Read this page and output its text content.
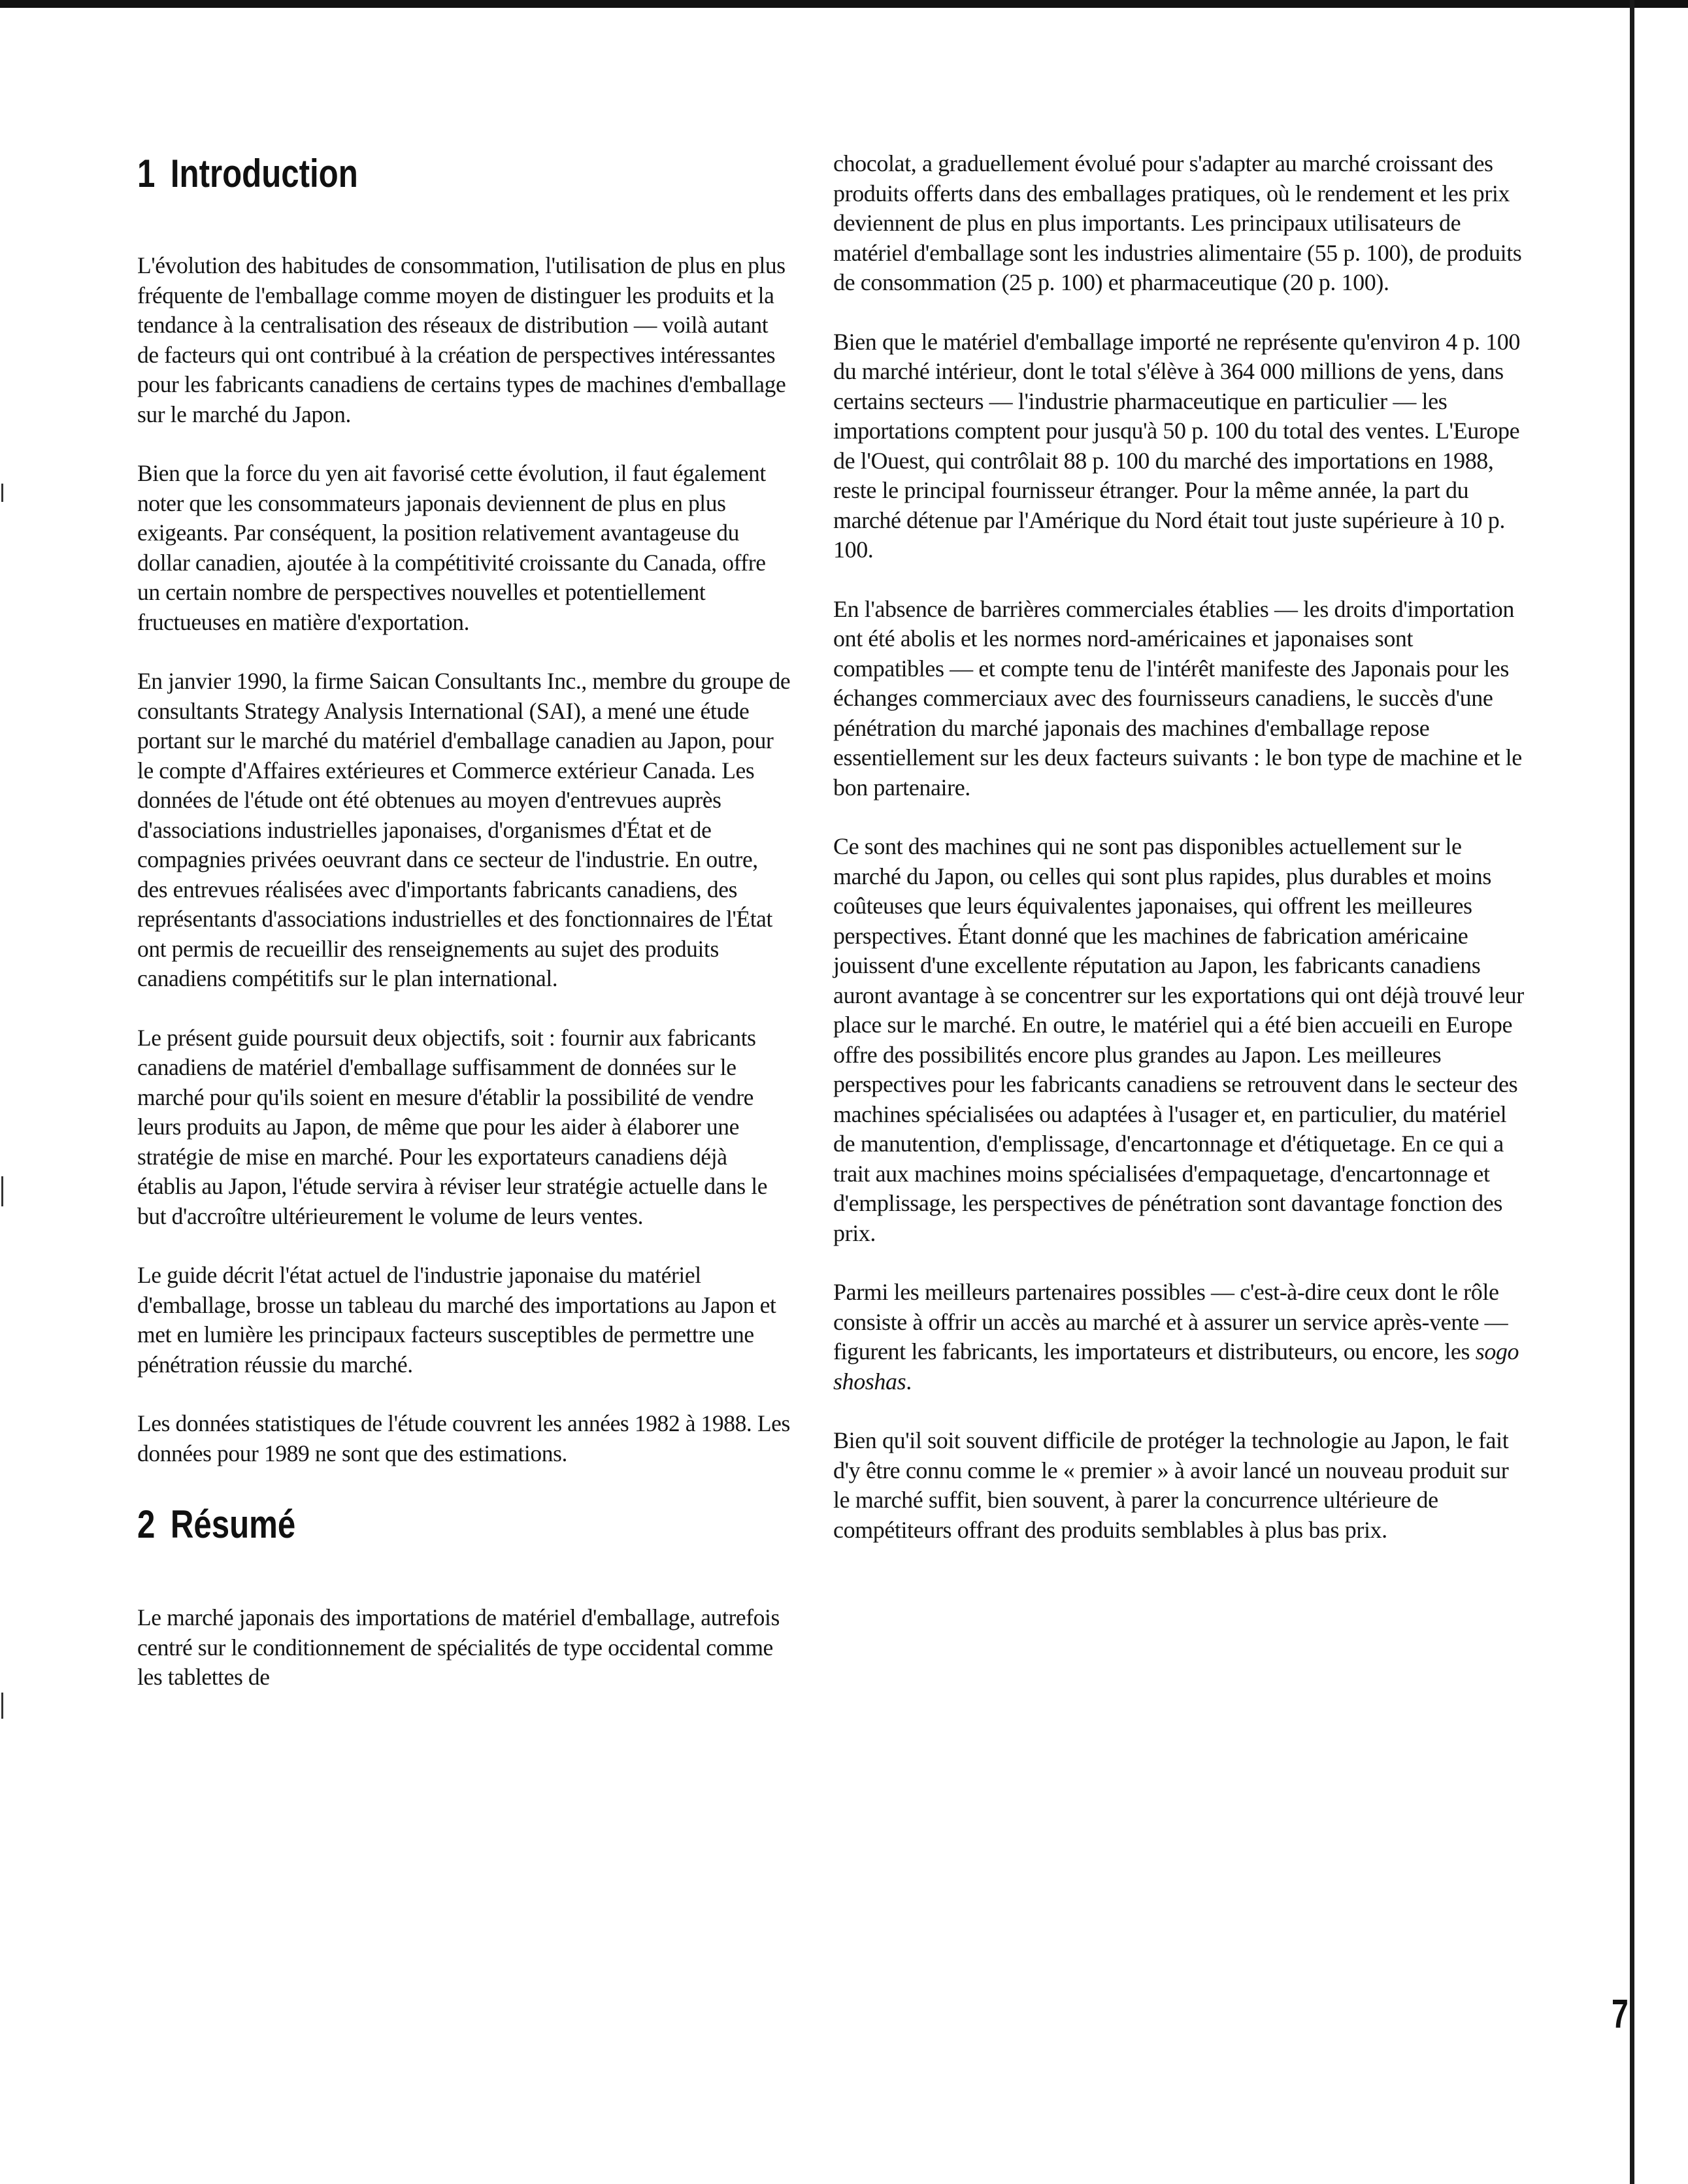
1 Introduction

L'évolution des habitudes de consommation, l'utilisation de plus en plus fréquente de l'emballage comme moyen de distinguer les produits et la tendance à la centralisation des réseaux de distribution — voilà autant de facteurs qui ont contribué à la création de perspectives intéressantes pour les fabricants canadiens de certains types de machines d'emballage sur le marché du Japon.

Bien que la force du yen ait favorisé cette évolution, il faut également noter que les consommateurs japonais deviennent de plus en plus exigeants. Par conséquent, la position relativement avantageuse du dollar canadien, ajoutée à la compétitivité croissante du Canada, offre un certain nombre de perspectives nouvelles et potentiellement fructueuses en matière d'exportation.

En janvier 1990, la firme Saican Consultants Inc., membre du groupe de consultants Strategy Analysis International (SAI), a mené une étude portant sur le marché du matériel d'emballage canadien au Japon, pour le compte d'Affaires extérieures et Commerce extérieur Canada. Les données de l'étude ont été obtenues au moyen d'entrevues auprès d'associations industrielles japonaises, d'organismes d'État et de compagnies privées oeuvrant dans ce secteur de l'industrie. En outre, des entrevues réalisées avec d'importants fabricants canadiens, des représentants d'associations industrielles et des fonctionnaires de l'État ont permis de recueillir des renseignements au sujet des produits canadiens compétitifs sur le plan international.

Le présent guide poursuit deux objectifs, soit : fournir aux fabricants canadiens de matériel d'emballage suffisamment de données sur le marché pour qu'ils soient en mesure d'établir la possibilité de vendre leurs produits au Japon, de même que pour les aider à élaborer une stratégie de mise en marché. Pour les exportateurs canadiens déjà établis au Japon, l'étude servira à réviser leur stratégie actuelle dans le but d'accroître ultérieurement le volume de leurs ventes.

Le guide décrit l'état actuel de l'industrie japonaise du matériel d'emballage, brosse un tableau du marché des importations au Japon et met en lumière les principaux facteurs susceptibles de permettre une pénétration réussie du marché.

Les données statistiques de l'étude couvrent les années 1982 à 1988. Les données pour 1989 ne sont que des estimations.

2 Résumé

Le marché japonais des importations de matériel d'emballage, autrefois centré sur le conditionnement de spécialités de type occidental comme les tablettes de

chocolat, a graduellement évolué pour s'adapter au marché croissant des produits offerts dans des emballages pratiques, où le rendement et les prix deviennent de plus en plus importants. Les principaux utilisateurs de matériel d'emballage sont les industries alimentaire (55 p. 100), de produits de consommation (25 p. 100) et pharmaceutique (20 p. 100).

Bien que le matériel d'emballage importé ne représente qu'environ 4 p. 100 du marché intérieur, dont le total s'élève à 364 000 millions de yens, dans certains secteurs — l'industrie pharmaceutique en particulier — les importations comptent pour jusqu'à 50 p. 100 du total des ventes. L'Europe de l'Ouest, qui contrôlait 88 p. 100 du marché des importations en 1988, reste le principal fournisseur étranger. Pour la même année, la part du marché détenue par l'Amérique du Nord était tout juste supérieure à 10 p. 100.

En l'absence de barrières commerciales établies — les droits d'importation ont été abolis et les normes nord-américaines et japonaises sont compatibles — et compte tenu de l'intérêt manifeste des Japonais pour les échanges commerciaux avec des fournisseurs canadiens, le succès d'une pénétration du marché japonais des machines d'emballage repose essentiellement sur les deux facteurs suivants : le bon type de machine et le bon partenaire.

Ce sont des machines qui ne sont pas disponibles actuellement sur le marché du Japon, ou celles qui sont plus rapides, plus durables et moins coûteuses que leurs équivalentes japonaises, qui offrent les meilleures perspectives. Étant donné que les machines de fabrication américaine jouissent d'une excellente réputation au Japon, les fabricants canadiens auront avantage à se concentrer sur les exportations qui ont déjà trouvé leur place sur le marché. En outre, le matériel qui a été bien accueili en Europe offre des possibilités encore plus grandes au Japon. Les meilleures perspectives pour les fabricants canadiens se retrouvent dans le secteur des machines spécialisées ou adaptées à l'usager et, en particulier, du matériel de manutention, d'emplissage, d'encartonnage et d'étiquetage. En ce qui a trait aux machines moins spécialisées d'empaquetage, d'encartonnage et d'emplissage, les perspectives de pénétration sont davantage fonction des prix.

Parmi les meilleurs partenaires possibles — c'est-à-dire ceux dont le rôle consiste à offrir un accès au marché et à assurer un service après-vente — figurent les fabricants, les importateurs et distributeurs, ou encore, les sogo shoshas.

Bien qu'il soit souvent difficile de protéger la technologie au Japon, le fait d'y être connu comme le « premier » à avoir lancé un nouveau produit sur le marché suffit, bien souvent, à parer la concurrence ultérieure de compétiteurs offrant des produits semblables à plus bas prix.

7
